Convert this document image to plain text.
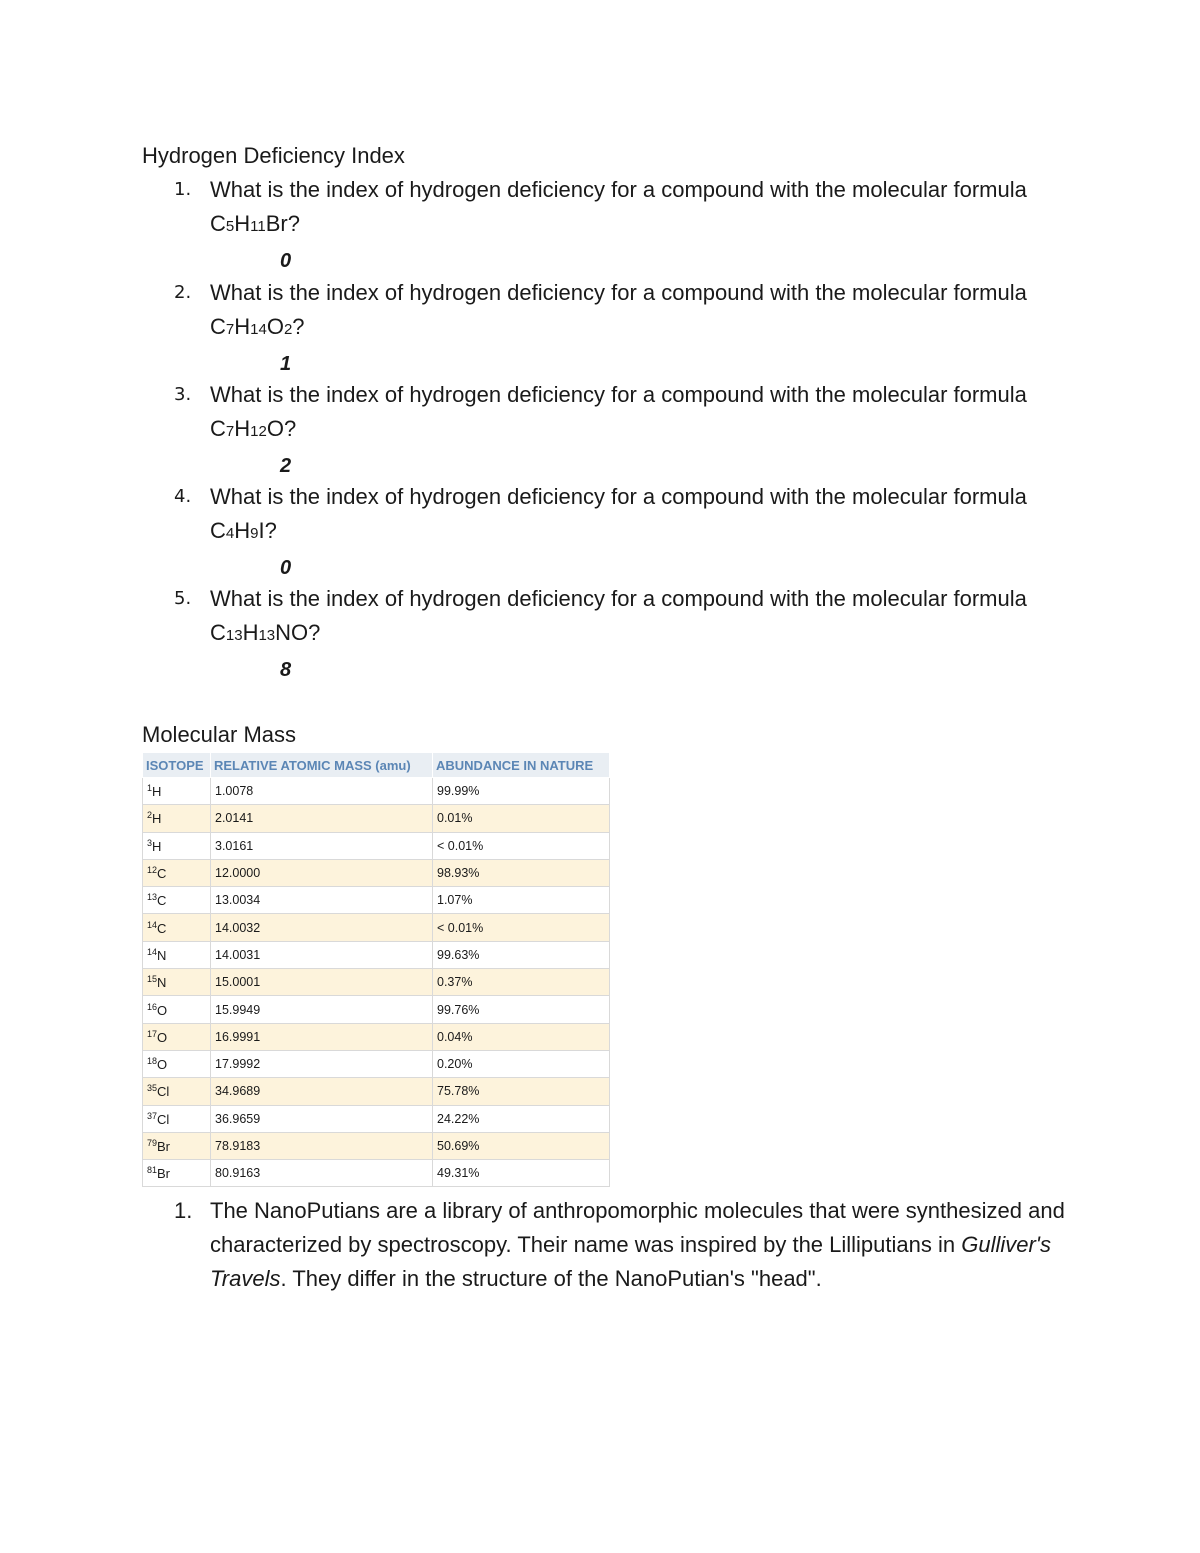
Hydrogen Deficiency Index
1. What is the index of hydrogen deficiency for a compound with the molecular formula C5H11Br?
0
2. What is the index of hydrogen deficiency for a compound with the molecular formula C7H14O2?
1
3. What is the index of hydrogen deficiency for a compound with the molecular formula C7H12O?
2
4. What is the index of hydrogen deficiency for a compound with the molecular formula C4H9I?
0
5. What is the index of hydrogen deficiency for a compound with the molecular formula C13H13NO?
8
Molecular Mass
ISOTOPE	RELATIVE ATOMIC MASS (amu)	ABUNDANCE IN NATURE
$^1$H	1.0078	99.99%
$^2$H	2.0141	0.01%
$^3$H	3.0161	< 0.01%
$^{12}$C	12.0000	98.93%
$^{13}$C	13.0034	1.07%
$^{14}$C	14.0032	< 0.01%
$^{14}$N	14.0031	99.63%
$^{15}$N	15.0001	0.37%
$^{16}$O	15.9949	99.76%
$^{17}$O	16.9991	0.04%
$^{18}$O	17.9992	0.20%
$^{35}$Cl	34.9689	75.78%
$^{37}$Cl	36.9659	24.22%
$^{79}$Br	78.9183	50.69%
$^{81}$Br	80.9163	49.31%
1. The NanoPutians are a library of anthropomorphic molecules that were synthesized and characterized by spectroscopy. Their name was inspired by the Lilliputians in Gulliver's Travels. They differ in the structure of the NanoPutian's "head".
